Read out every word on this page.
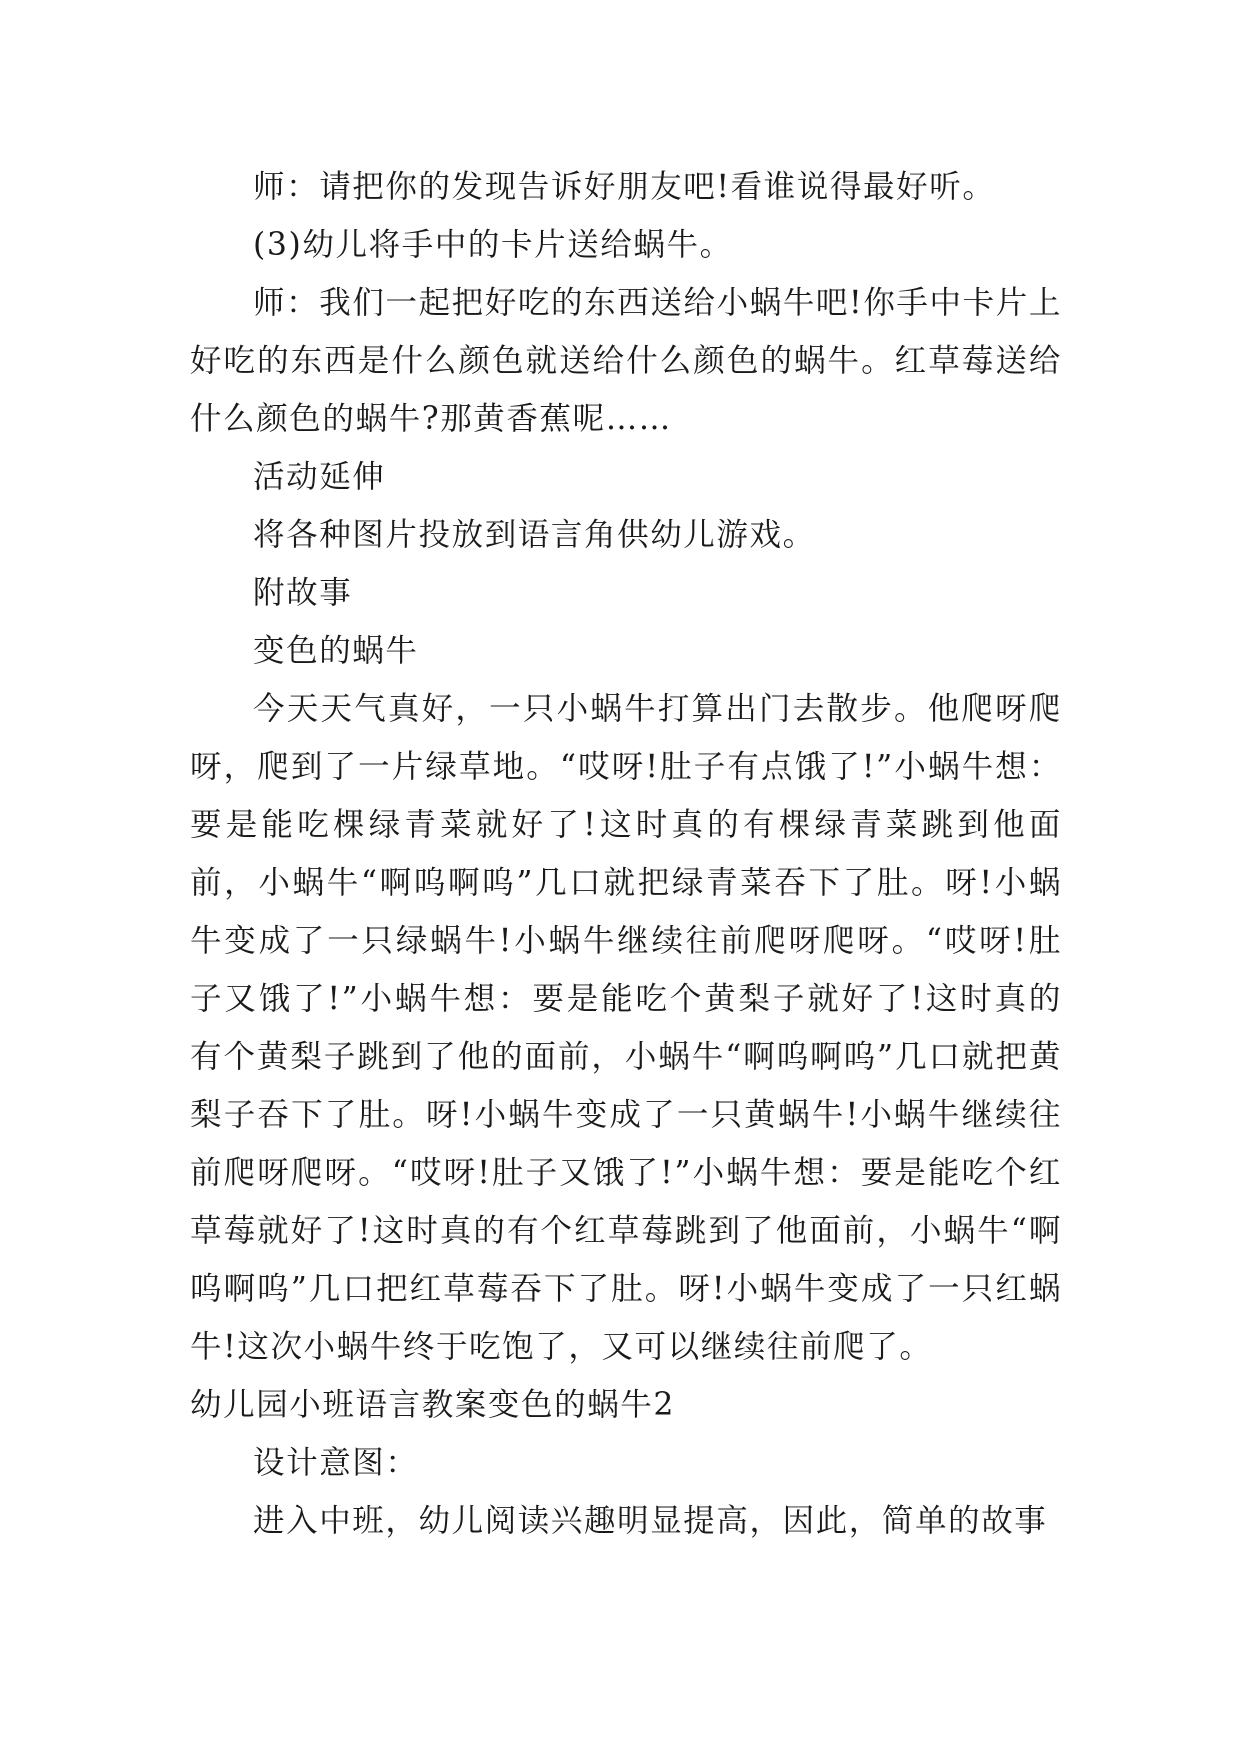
师：请把你的发现告诉好朋友吧!看谁说得最好听。

(3)幼儿将手中的卡片送给蜗牛。

师：我们一起把好吃的东西送给小蜗牛吧!你手中卡片上好吃的东西是什么颜色就送给什么颜色的蜗牛。红草莓送给什么颜色的蜗牛?那黄香蕉呢……

活动延伸

将各种图片投放到语言角供幼儿游戏。

附故事

变色的蜗牛

今天天气真好，一只小蜗牛打算出门去散步。他爬呀爬呀，爬到了一片绿草地。“哎呀!肚子有点饿了!”小蜗牛想：要是能吃棵绿青菜就好了!这时真的有棵绿青菜跳到他面前，小蜗牛“啊呜啊呜”几口就把绿青菜吞下了肚。呀!小蜗牛变成了一只绿蜗牛!小蜗牛继续往前爬呀爬呀。“哎呀!肚子又饿了!”小蜗牛想：要是能吃个黄梨子就好了!这时真的有个黄梨子跳到了他的面前，小蜗牛“啊呜啊呜”几口就把黄梨子吞下了肚。呀!小蜗牛变成了一只黄蜗牛!小蜗牛继续往前爬呀爬呀。“哎呀!肚子又饿了!”小蜗牛想：要是能吃个红草莓就好了!这时真的有个红草莓跳到了他面前，小蜗牛“啊呜啊呜”几口把红草莓吞下了肚。呀!小蜗牛变成了一只红蜗牛!这次小蜗牛终于吃饱了，又可以继续往前爬了。

幼儿园小班语言教案变色的蜗牛2

设计意图：

进入中班，幼儿阅读兴趣明显提高，因此，简单的故事
